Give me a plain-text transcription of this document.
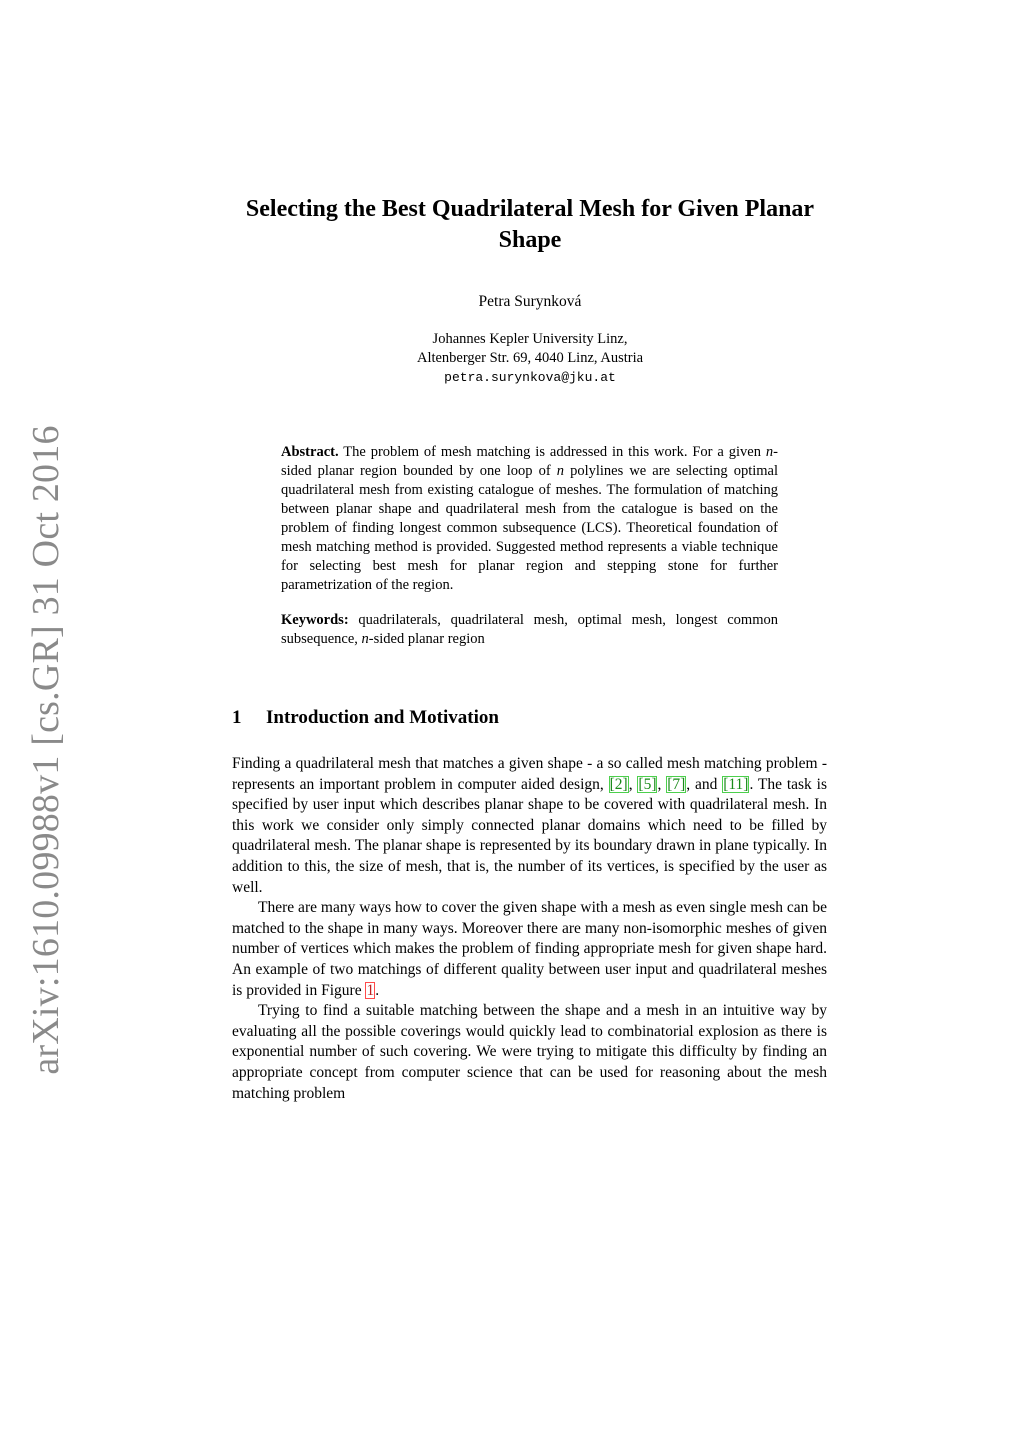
arXiv:1610.09988v1 [cs.GR] 31 Oct 2016
Selecting the Best Quadrilateral Mesh for Given Planar Shape
Petra Surynková
Johannes Kepler University Linz,
Altenberger Str. 69, 4040 Linz, Austria
petra.surynkova@jku.at

Abstract. The problem of mesh matching is addressed in this work. For a given n-sided planar region bounded by one loop of n polylines we are selecting optimal quadrilateral mesh from existing catalogue of meshes. The formulation of matching between planar shape and quadrilateral mesh from the catalogue is based on the problem of finding longest common subsequence (LCS). Theoretical foundation of mesh matching method is provided. Suggested method represents a viable technique for selecting best mesh for planar region and stepping stone for further parametrization of the region.

Keywords: quadrilaterals, quadrilateral mesh, optimal mesh, longest common subsequence, n-sided planar region

1 Introduction and Motivation

Finding a quadrilateral mesh that matches a given shape - a so called mesh matching problem - represents an important problem in computer aided design, [2], [5], [7], and [11]. The task is specified by user input which describes planar shape to be covered with quadrilateral mesh. In this work we consider only simply connected planar domains which need to be filled by quadrilateral mesh. The planar shape is represented by its boundary drawn in plane typically. In addition to this, the size of mesh, that is, the number of its vertices, is specified by the user as well.

There are many ways how to cover the given shape with a mesh as even single mesh can be matched to the shape in many ways. Moreover there are many non-isomorphic meshes of given number of vertices which makes the problem of finding appropriate mesh for given shape hard. An example of two matchings of different quality between user input and quadrilateral meshes is provided in Figure 1.

Trying to find a suitable matching between the shape and a mesh in an intuitive way by evaluating all the possible coverings would quickly lead to combinatorial explosion as there is exponential number of such covering. We were trying to mitigate this difficulty by finding an appropriate concept from computer science that can be used for reasoning about the mesh matching problem
